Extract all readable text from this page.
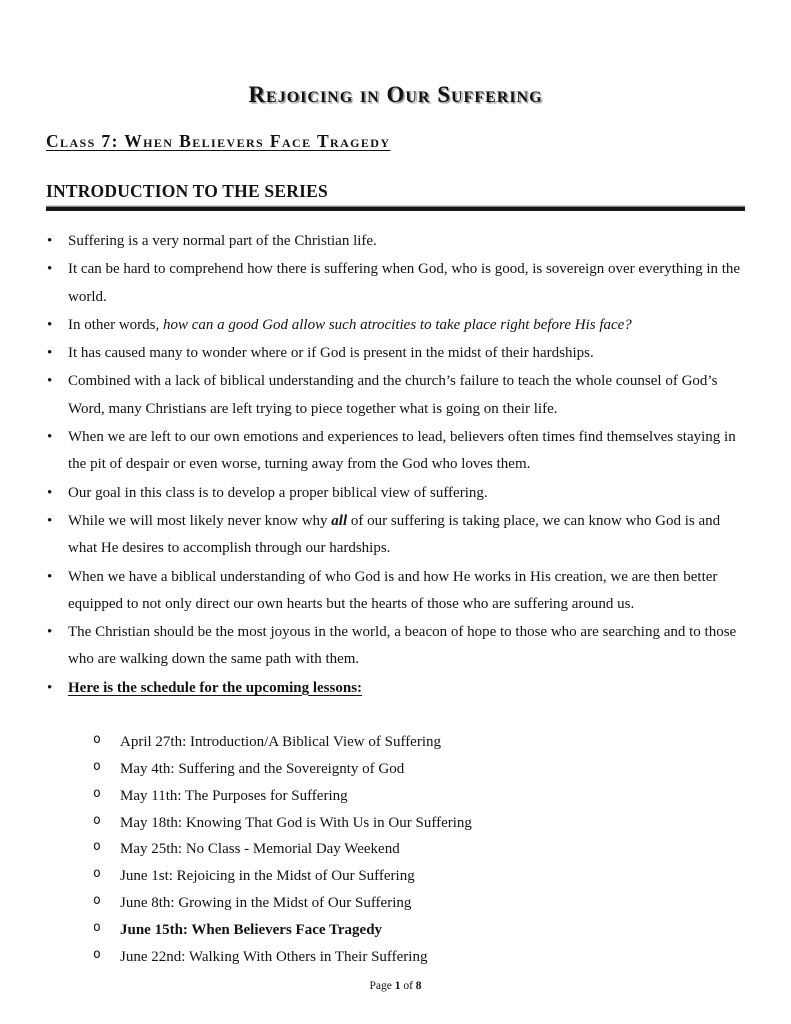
Rejoicing in Our Suffering
Class 7: When Believers Face Tragedy
INTRODUCTION TO THE SERIES
• Suffering is a very normal part of the Christian life.
• It can be hard to comprehend how there is suffering when God, who is good, is sovereign over everything in the world.
• In other words, how can a good God allow such atrocities to take place right before His face?
• It has caused many to wonder where or if God is present in the midst of their hardships.
• Combined with a lack of biblical understanding and the church’s failure to teach the whole counsel of God’s Word, many Christians are left trying to piece together what is going on their life.
• When we are left to our own emotions and experiences to lead, believers often times find themselves staying in the pit of despair or even worse, turning away from the God who loves them.
• Our goal in this class is to develop a proper biblical view of suffering.
• While we will most likely never know why all of our suffering is taking place, we can know who God is and what He desires to accomplish through our hardships.
• When we have a biblical understanding of who God is and how He works in His creation, we are then better equipped to not only direct our own hearts but the hearts of those who are suffering around us.
• The Christian should be the most joyous in the world, a beacon of hope to those who are searching and to those who are walking down the same path with them.
• Here is the schedule for the upcoming lessons:
o April 27th: Introduction/A Biblical View of Suffering
o May 4th: Suffering and the Sovereignty of God
o May 11th: The Purposes for Suffering
o May 18th: Knowing That God is With Us in Our Suffering
o May 25th: No Class - Memorial Day Weekend
o June 1st: Rejoicing in the Midst of Our Suffering
o June 8th: Growing in the Midst of Our Suffering
o June 15th: When Believers Face Tragedy
o June 22nd: Walking With Others in Their Suffering
Page 1 of 8
